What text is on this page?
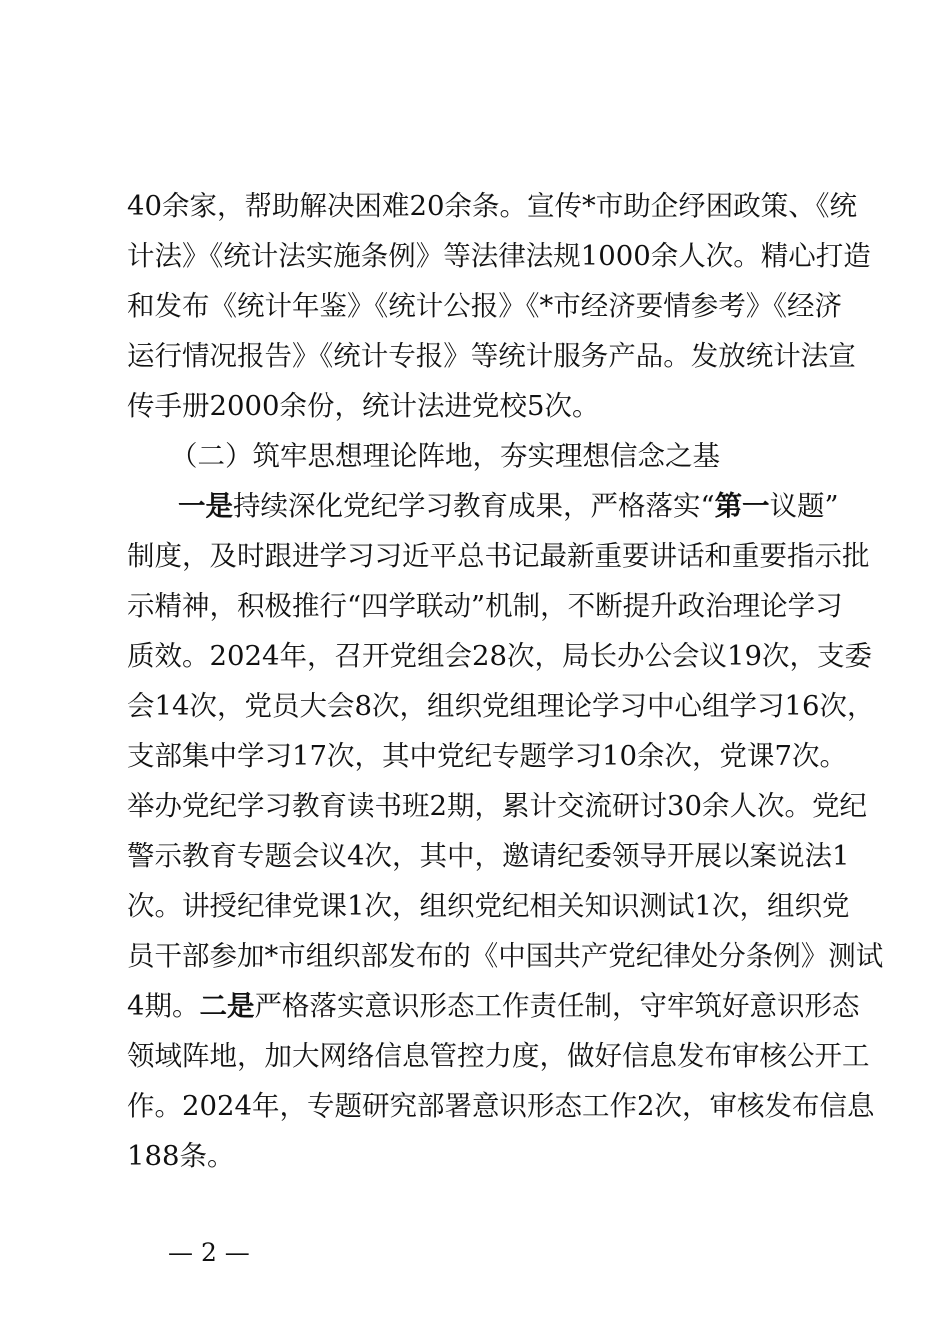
40余家，帮助解决困难20余条。宣传*市助企纾困政策、《统
计法》《统计法实施条例》等法律法规1000余人次。精心打造
和发布《统计年鉴》《统计公报》《*市经济要情参考》《经济
运行情况报告》《统计专报》等统计服务产品。发放统计法宣
传手册2000余份，统计法进党校5次。
（二）筑牢思想理论阵地，夯实理想信念之基
一是持续深化党纪学习教育成果，严格落实“第一议题”
制度，及时跟进学习习近平总书记最新重要讲话和重要指示批
示精神，积极推行“四学联动”机制，不断提升政治理论学习
质效。2024年，召开党组会28次，局长办公会议19次，支委
会14次，党员大会8次，组织党组理论学习中心组学习16次，
支部集中学习17次，其中党纪专题学习10余次，党课7次。
举办党纪学习教育读书班2期，累计交流研讨30余人次。党纪
警示教育专题会议4次，其中，邀请纪委领导开展以案说法1
次。讲授纪律党课1次，组织党纪相关知识测试1次，组织党
员干部参加*市组织部发布的《中国共产党纪律处分条例》测试
4期。二是严格落实意识形态工作责任制，守牢筑好意识形态
领域阵地，加大网络信息管控力度，做好信息发布审核公开工
作。2024年，专题研究部署意识形态工作2次，审核发布信息
188条。
— 2 —
